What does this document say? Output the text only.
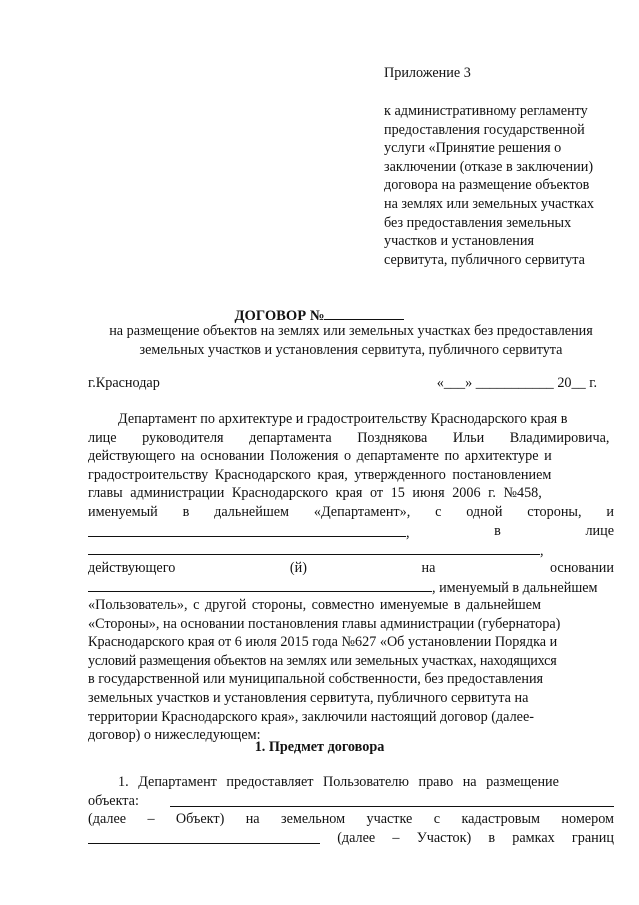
Приложение 3
к административному регламенту
предоставления государственной
услуги «Принятие решения о
заключении (отказе в заключении)
договора на размещение объектов
на землях или земельных участках
без предоставления земельных
участков и установления
сервитута, публичного сервитута
ДОГОВОР №
на размещение объектов на землях или земельных участках без предоставления
земельных участков и установления сервитута, публичного сервитута
г.Краснодар	«___» ___________ 20__ г.
Департамент по архитектуре и градостроительству Краснодарского края в
лице руководителя департамента Позднякова Ильи Владимировича,
действующего на основании Положения о департаменте по архитектуре и
градостроительству Краснодарского края, утвержденного постановлением
главы администрации Краснодарского края от 15 июня 2006 г. №458,
именуемый в дальнейшем «Департамент», с одной стороны, и
,	в	лице
,
действующего	(й)	на	основании
, именуемый в дальнейшем
«Пользователь», с другой стороны, совместно именуемые в дальнейшем
«Стороны», на основании постановления главы администрации (губернатора)
Краснодарского края от 6 июля 2015 года №627 «Об установлении Порядка и
условий размещения объектов на землях или земельных участках, находящихся
в государственной или муниципальной собственности, без предоставления
земельных участков и установления сервитута, публичного сервитута на
территории Краснодарского края», заключили настоящий договор (далее-
договор) о нижеследующем:
1. Предмет договора
1. Департамент предоставляет Пользователю право на размещение
объекта:
(далее – Объект) на земельном участке с кадастровым номером
(далее – Участок) в рамках границ
